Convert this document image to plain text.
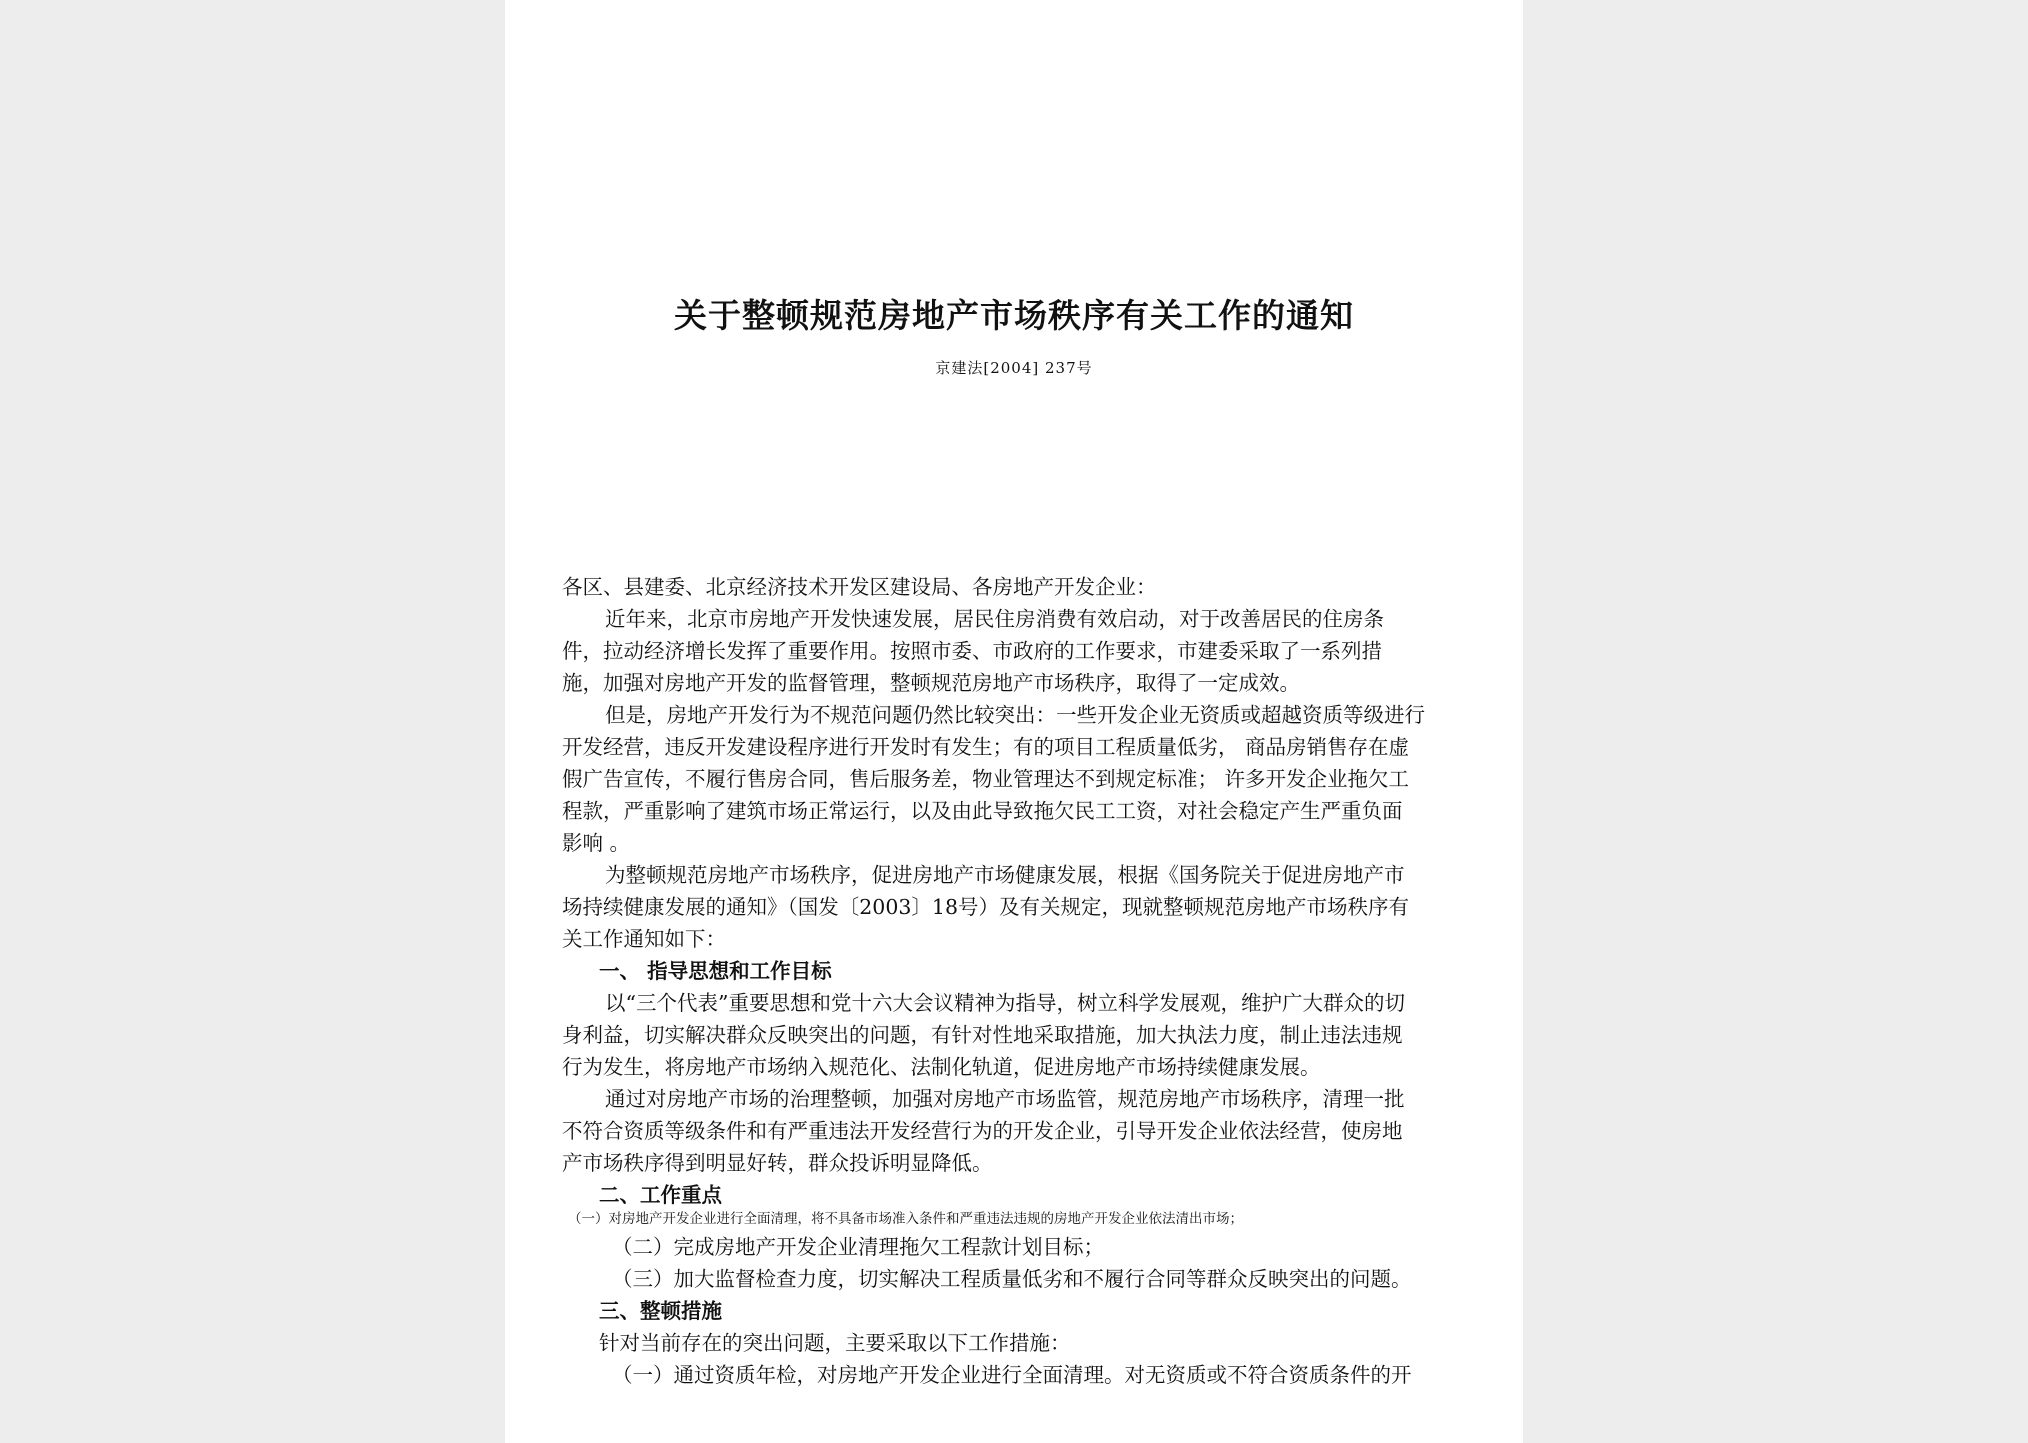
关于整顿规范房地产市场秩序有关工作的通知
京建法[2004] 237号
各区、县建委、北京经济技术开发区建设局、各房地产开发企业：
近年来，北京市房地产开发快速发展，居民住房消费有效启动，对于改善居民的住房条
件，拉动经济增长发挥了重要作用。按照市委、市政府的工作要求，市建委采取了一系列措
施，加强对房地产开发的监督管理，整顿规范房地产市场秩序，取得了一定成效。
但是，房地产开发行为不规范问题仍然比较突出：一些开发企业无资质或超越资质等级进行
开发经营，违反开发建设程序进行开发时有发生；有的项目工程质量低劣， 商品房销售存在虚
假广告宣传，不履行售房合同，售后服务差，物业管理达不到规定标准； 许多开发企业拖欠工
程款，严重影响了建筑市场正常运行，以及由此导致拖欠民工工资，对社会稳定产生严重负面
影响 。
为整顿规范房地产市场秩序，促进房地产市场健康发展，根据《国务院关于促进房地产市
场持续健康发展的通知》（国发〔2003〕18号）及有关规定，现就整顿规范房地产市场秩序有
关工作通知如下：
一、 指导思想和工作目标
以“三个代表”重要思想和党十六大会议精神为指导，树立科学发展观，维护广大群众的切
身利益，切实解决群众反映突出的问题，有针对性地采取措施，加大执法力度，制止违法违规
行为发生，将房地产市场纳入规范化、法制化轨道，促进房地产市场持续健康发展。
通过对房地产市场的治理整顿，加强对房地产市场监管，规范房地产市场秩序，清理一批
不符合资质等级条件和有严重违法开发经营行为的开发企业，引导开发企业依法经营，使房地
产市场秩序得到明显好转，群众投诉明显降低。
二、工作重点
（一）对房地产开发企业进行全面清理，将不具备市场准入条件和严重违法违规的房地产开发企业依法清出市场；
（二）完成房地产开发企业清理拖欠工程款计划目标；
（三）加大监督检查力度，切实解决工程质量低劣和不履行合同等群众反映突出的问题。
三、整顿措施
针对当前存在的突出问题，主要采取以下工作措施：
（一）通过资质年检，对房地产开发企业进行全面清理。对无资质或不符合资质条件的开
